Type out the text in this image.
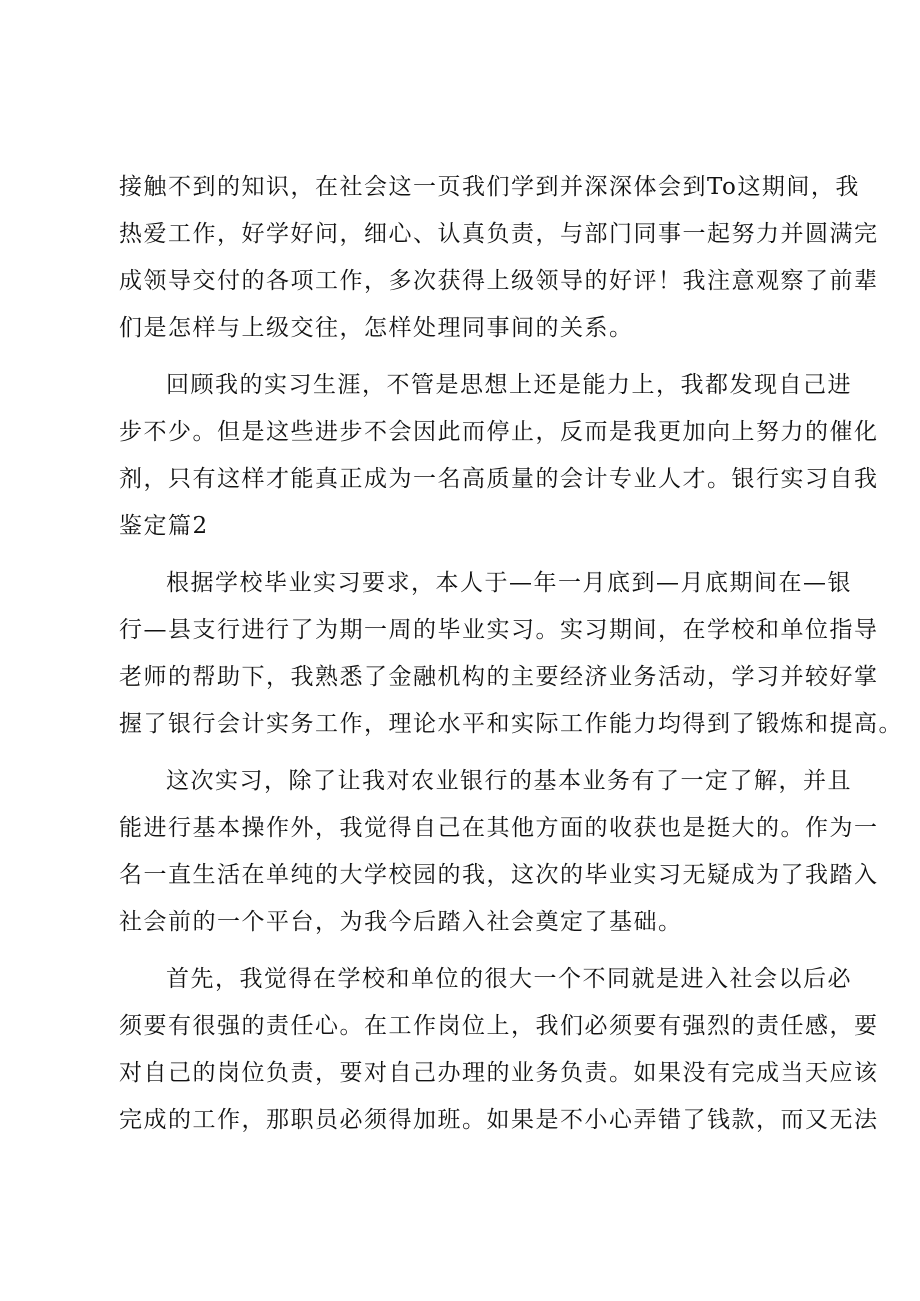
接触不到的知识，在社会这一页我们学到并深深体会到To这期间，我
热爱工作，好学好问，细心、认真负责，与部门同事一起努力并圆满完
成领导交付的各项工作，多次获得上级领导的好评！我注意观察了前辈
们是怎样与上级交往，怎样处理同事间的关系。
回顾我的实习生涯，不管是思想上还是能力上，我都发现自己进
步不少。但是这些进步不会因此而停止，反而是我更加向上努力的催化
剂，只有这样才能真正成为一名高质量的会计专业人才。银行实习自我
鉴定篇2
根据学校毕业实习要求，本人于—年一月底到—月底期间在—银
行—县支行进行了为期一周的毕业实习。实习期间，在学校和单位指导
老师的帮助下，我熟悉了金融机构的主要经济业务活动，学习并较好掌
握了银行会计实务工作，理论水平和实际工作能力均得到了锻炼和提高。
这次实习，除了让我对农业银行的基本业务有了一定了解，并且
能进行基本操作外，我觉得自己在其他方面的收获也是挺大的。作为一
名一直生活在单纯的大学校园的我，这次的毕业实习无疑成为了我踏入
社会前的一个平台，为我今后踏入社会奠定了基础。
首先，我觉得在学校和单位的很大一个不同就是进入社会以后必
须要有很强的责任心。在工作岗位上，我们必须要有强烈的责任感，要
对自己的岗位负责，要对自己办理的业务负责。如果没有完成当天应该
完成的工作，那职员必须得加班。如果是不小心弄错了钱款，而又无法
